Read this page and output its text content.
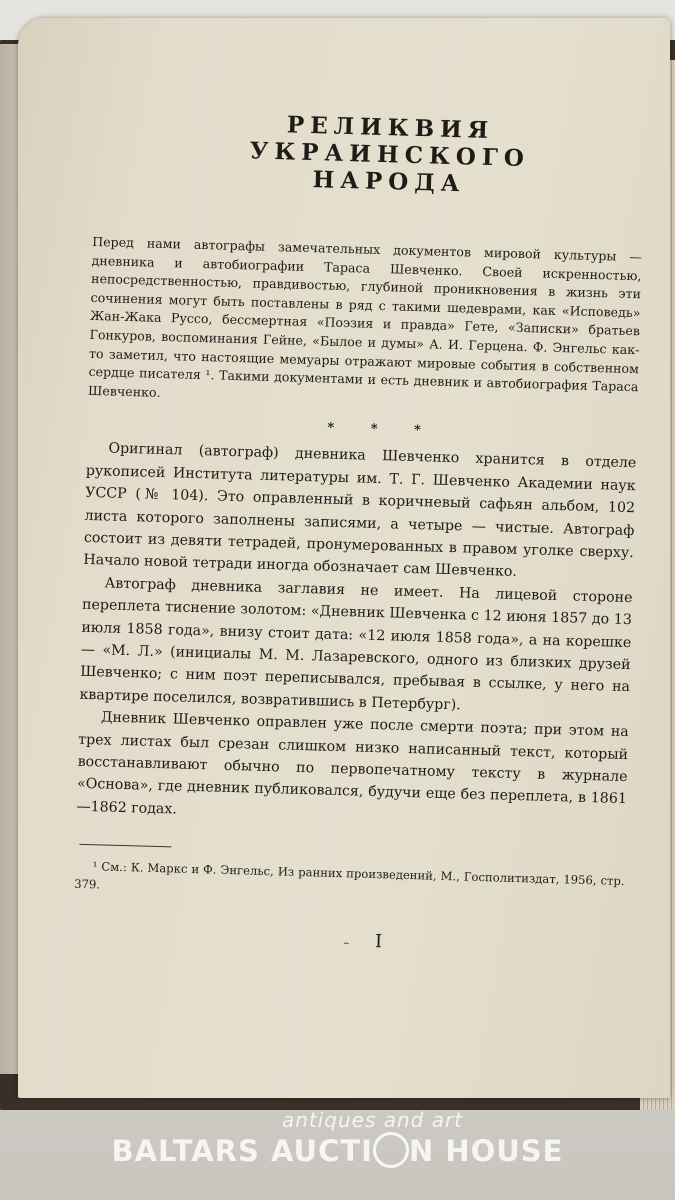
РЕЛИКВИЯ
УКРАИНСКОГО
НАРОДА

Перед нами автографы замечательных документов мировой культуры — дневника и автобиографии Тараса Шевченко. Своей искренностью, непосредственностью, правдивостью, глубиной проникновения в жизнь эти сочинения могут быть поставлены в ряд с такими шедеврами, как «Исповедь» Жан-Жака Руссо, бессмертная «Поэзия и правда» Гете, «Записки» братьев Гонкуров, воспоминания Гейне, «Былое и думы» А. И. Герцена. Ф. Энгельс как-то заметил, что настоящие мемуары отражают мировые события в собственном сердце писателя ¹. Такими документами и есть дневник и автобиография Тараса Шевченко.

* * *

Оригинал (автограф) дневника Шевченко хранится в отделе рукописей Института литературы им. Т. Г. Шевченко Академии наук УССР (№ 104). Это оправленный в коричневый сафьян альбом, 102 листа которого заполнены записями, а четыре — чистые. Автограф состоит из девяти тетрадей, пронумерованных в правом уголке сверху. Начало новой тетради иногда обозначает сам Шевченко.

Автограф дневника заглавия не имеет. На лицевой стороне переплета тиснение золотом: «Дневник Шевченка с 12 июня 1857 до 13 июля 1858 года», внизу стоит дата: «12 июля 1858 года», а на корешке — «М. Л.» (инициалы М. М. Лазаревского, одного из близких друзей Шевченко; с ним поэт переписывался, пребывая в ссылке, у него на квартире поселился, возвратившись в Петербург).

Дневник Шевченко оправлен уже после смерти поэта; при этом на трех листах был срезан слишком низко написанный текст, который восстанавливают обычно по первопечатному тексту в журнале «Основа», где дневник публиковался, будучи еще без переплета, в 1861—1862 годах.

¹ См.: К. Маркс и Ф. Энгельс, Из ранних произведений, М., Госполитиздат, 1956, стр. 379.

– I
antiques and art
BALTARS AUCTI N HOUSE
